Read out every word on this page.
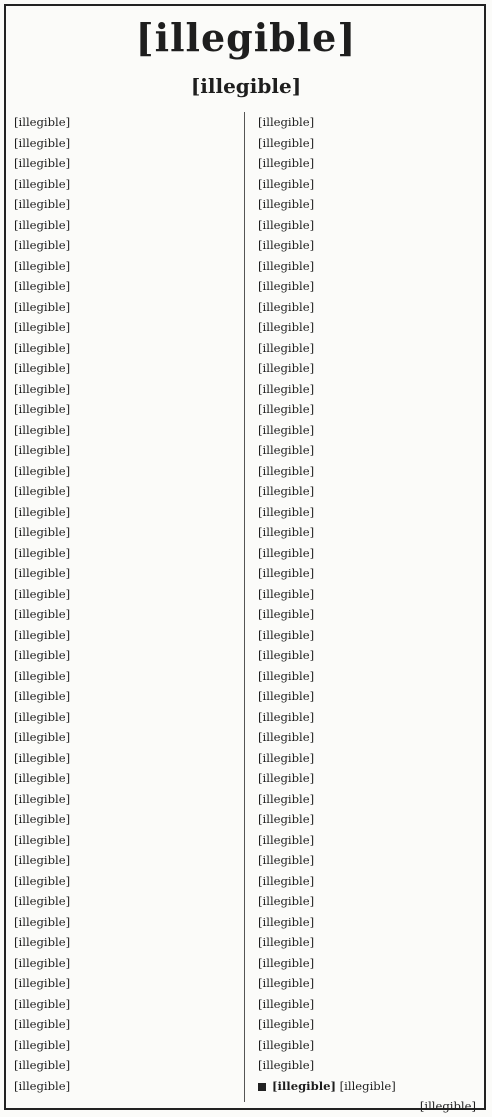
[illegible]
[illegible]
[illegible]
[illegible]
[illegible]
[illegible]
[illegible]
[illegible]
[illegible]
[illegible]
[illegible]
[illegible]
[illegible]
[illegible]
[illegible]
[illegible]
[illegible]
[illegible]
[illegible]
[illegible]
[illegible]
[illegible]
[illegible]
[illegible]
[illegible]
[illegible]
[illegible]
[illegible]
[illegible]
[illegible]
[illegible]
[illegible]
[illegible]
[illegible]
[illegible]
[illegible]
[illegible]
[illegible]
[illegible]
[illegible]
[illegible]
[illegible]
[illegible]
[illegible]
[illegible]
[illegible]
[illegible]
[illegible]
[illegible]
[illegible]
[illegible]
[illegible]
[illegible]
[illegible]
[illegible]
[illegible]
[illegible]
[illegible]
[illegible]
[illegible]
[illegible]
[illegible]
[illegible]
[illegible]
[illegible]
[illegible]
[illegible]
[illegible]
[illegible]
[illegible]
[illegible]
[illegible]
[illegible]
[illegible]
[illegible]
[illegible]
[illegible]
[illegible]
[illegible]
[illegible]
[illegible]
[illegible]
[illegible]
[illegible]
[illegible]
[illegible]
[illegible]
[illegible]
[illegible]
[illegible]
[illegible]
[illegible]
[illegible]
[illegible]
[illegible]
[illegible]
[illegible]
[illegible] [illegible]
[illegible]
